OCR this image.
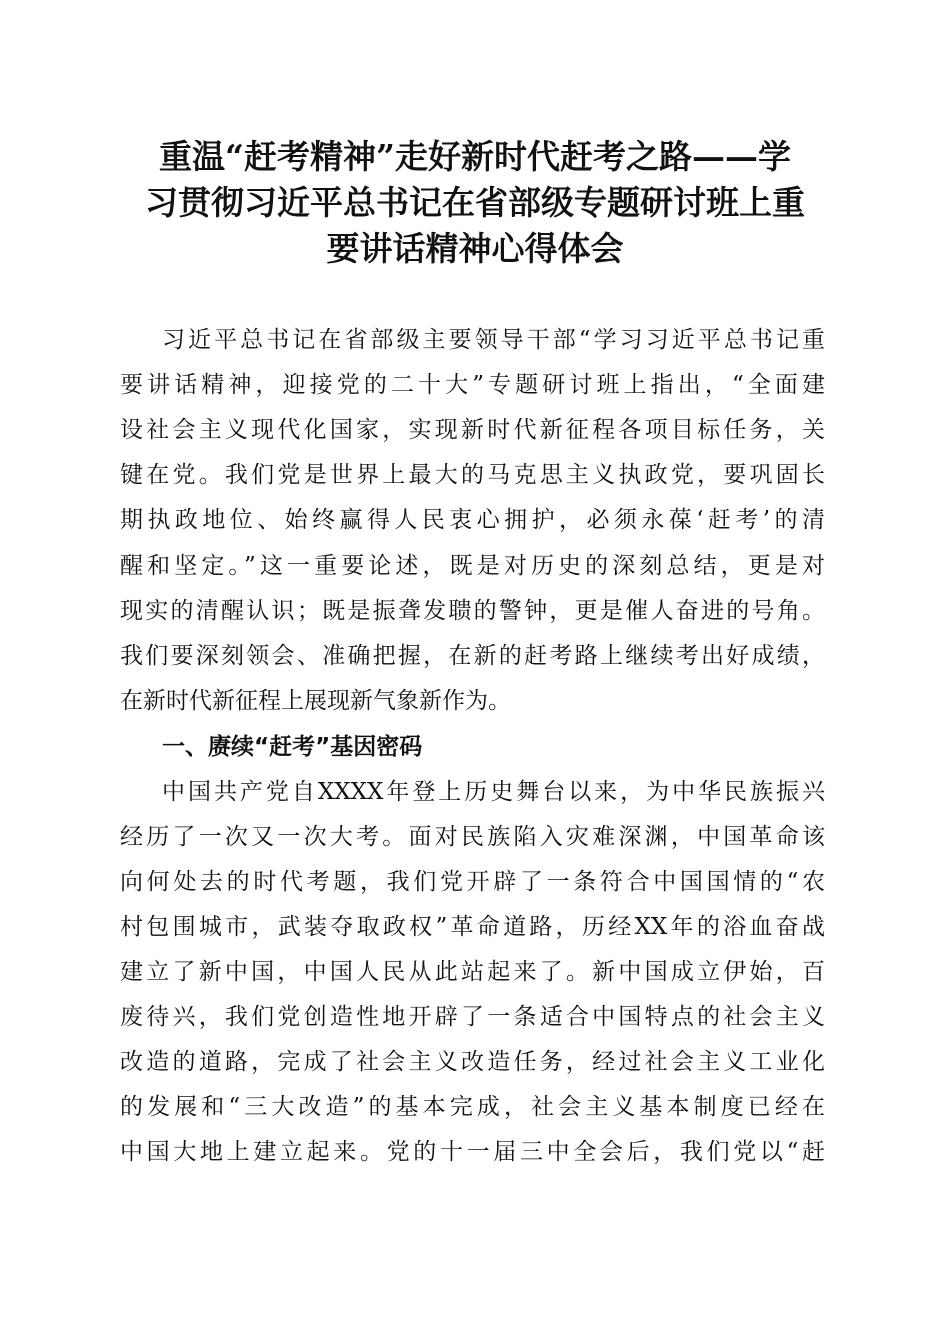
重温“赶考精神”走好新时代赶考之路——学
习贯彻习近平总书记在省部级专题研讨班上重
要讲话精神心得体会

习近平总书记在省部级主要领导干部“学习习近平总书记重

要讲话精神，迎接党的二十大”专题研讨班上指出，“全面建

设社会主义现代化国家，实现新时代新征程各项目标任务，关

键在党。我们党是世界上最大的马克思主义执政党，要巩固长

期执政地位、始终赢得人民衷心拥护，必须永葆‘赶考’的清

醒和坚定。”这一重要论述，既是对历史的深刻总结，更是对

现实的清醒认识；既是振聋发聩的警钟，更是催人奋进的号角。

我们要深刻领会、准确把握，在新的赶考路上继续考出好成绩，

在新时代新征程上展现新气象新作为。

一、赓续“赶考”基因密码

中国共产党自XXXX年登上历史舞台以来，为中华民族振兴

经历了一次又一次大考。面对民族陷入灾难深渊，中国革命该

向何处去的时代考题，我们党开辟了一条符合中国国情的“农

村包围城市，武装夺取政权”革命道路，历经XX年的浴血奋战

建立了新中国，中国人民从此站起来了。新中国成立伊始，百

废待兴，我们党创造性地开辟了一条适合中国特点的社会主义

改造的道路，完成了社会主义改造任务，经过社会主义工业化

的发展和“三大改造”的基本完成，社会主义基本制度已经在

中国大地上建立起来。党的十一届三中全会后，我们党以“赶
